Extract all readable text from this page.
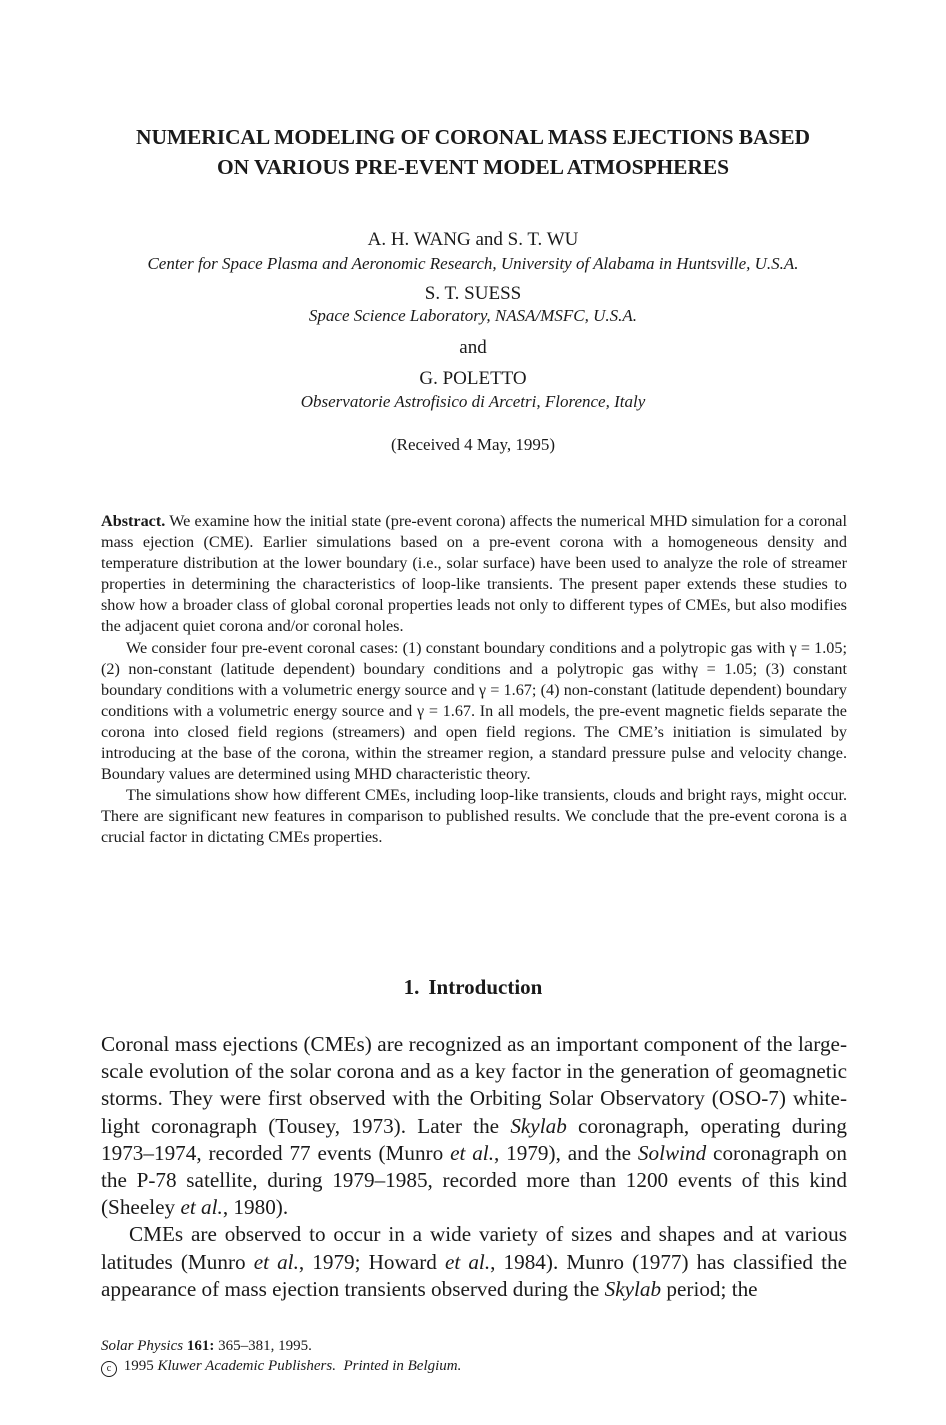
NUMERICAL MODELING OF CORONAL MASS EJECTIONS BASED
ON VARIOUS PRE-EVENT MODEL ATMOSPHERES
A. H. WANG and S. T. WU
Center for Space Plasma and Aeronomic Research, University of Alabama in Huntsville, U.S.A.
S. T. SUESS
Space Science Laboratory, NASA/MSFC, U.S.A.
and
G. POLETTO
Observatorie Astrofisico di Arcetri, Florence, Italy
(Received 4 May, 1995)

Abstract. We examine how the initial state (pre-event corona) affects the numerical MHD simulation for a coronal mass ejection (CME). Earlier simulations based on a pre-event corona with a homogeneous density and temperature distribution at the lower boundary (i.e., solar surface) have been used to analyze the role of streamer properties in determining the characteristics of loop-like transients. The present paper extends these studies to show how a broader class of global coronal properties leads not only to different types of CMEs, but also modifies the adjacent quiet corona and/or coronal holes.

We consider four pre-event coronal cases: (1) constant boundary conditions and a polytropic gas with γ = 1.05; (2) non-constant (latitude dependent) boundary conditions and a polytropic gas withγ = 1.05; (3) constant boundary conditions with a volumetric energy source and γ = 1.67; (4) non-constant (latitude dependent) boundary conditions with a volumetric energy source and γ = 1.67. In all models, the pre-event magnetic fields separate the corona into closed field regions (streamers) and open field regions. The CME’s initiation is simulated by introducing at the base of the corona, within the streamer region, a standard pressure pulse and velocity change. Boundary values are determined using MHD characteristic theory.

The simulations show how different CMEs, including loop-like transients, clouds and bright rays, might occur. There are significant new features in comparison to published results. We conclude that the pre-event corona is a crucial factor in dictating CMEs properties.

1. Introduction

Coronal mass ejections (CMEs) are recognized as an important component of the large-scale evolution of the solar corona and as a key factor in the generation of geomagnetic storms. They were first observed with the Orbiting Solar Observatory (OSO-7) white-light coronagraph (Tousey, 1973). Later the Skylab coronagraph, operating during 1973–1974, recorded 77 events (Munro et al., 1979), and the Solwind coronagraph on the P-78 satellite, during 1979–1985, recorded more than 1200 events of this kind (Sheeley et al., 1980).

CMEs are observed to occur in a wide variety of sizes and shapes and at various latitudes (Munro et al., 1979; Howard et al., 1984). Munro (1977) has classified the appearance of mass ejection transients observed during the Skylab period; the

Solar Physics 161: 365–381, 1995.
c 1995 Kluwer Academic Publishers. Printed in Belgium.
